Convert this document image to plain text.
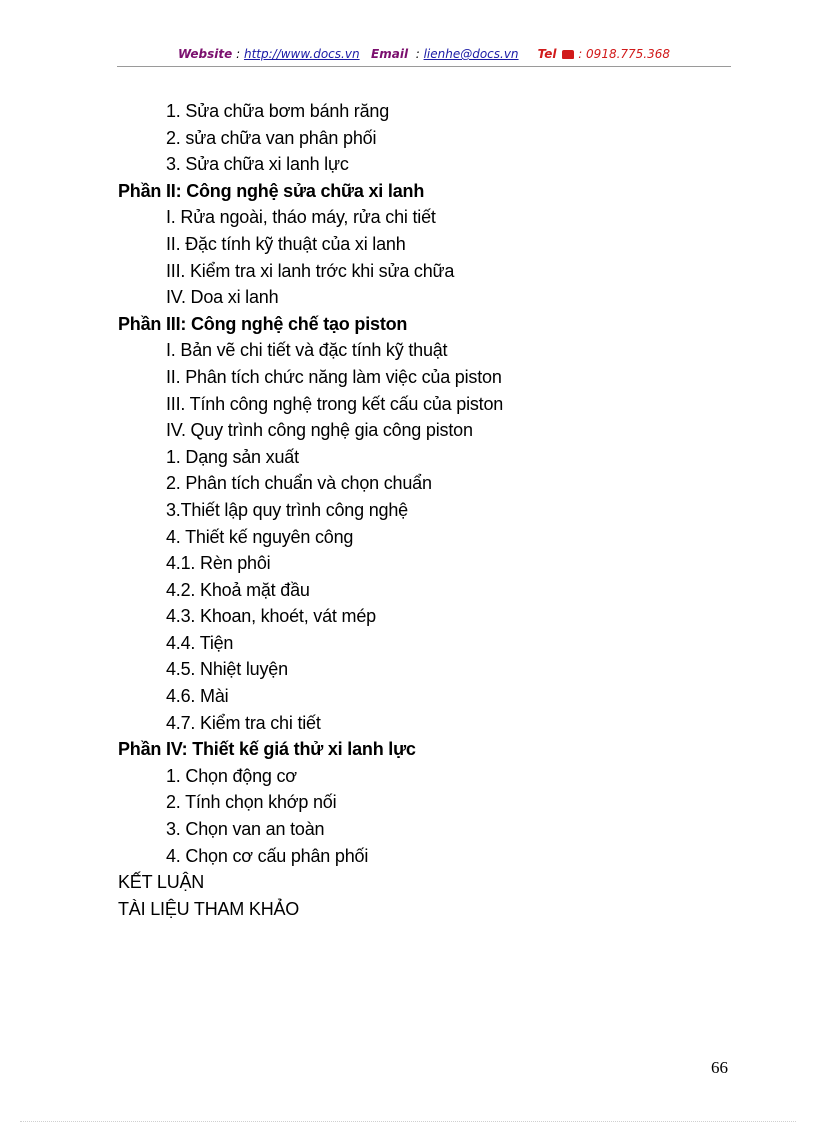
Website : http://www.docs.vn Email  : lienhe@docs.vn Tel : 0918.775.368
1. Sửa chữa bơm bánh răng
2. sửa chữa van phân phối
3. Sửa chữa xi lanh lực
Phần II: Công nghệ sửa chữa xi lanh
I. Rửa ngoài, tháo máy, rửa chi tiết
II. Đặc tính kỹ thuật của xi lanh
III. Kiểm tra xi lanh trớc khi sửa chữa
IV. Doa xi lanh
Phần III: Công nghệ chế tạo piston
I. Bản vẽ chi tiết và đặc tính kỹ thuật
II. Phân tích chức năng làm việc của piston
III. Tính công nghệ trong kết cấu của piston
IV. Quy trình công nghệ gia công piston
1. Dạng sản xuất
2. Phân tích chuẩn và chọn chuẩn
3.Thiết lập quy trình công nghệ
4. Thiết kế nguyên công
4.1. Rèn phôi
4.2. Khoả mặt đầu
4.3. Khoan, khoét, vát mép
4.4. Tiện
4.5. Nhiệt luyện
4.6. Mài
4.7. Kiểm tra chi tiết
Phần IV: Thiết kế giá thử xi lanh lực
1. Chọn động cơ
2. Tính chọn khớp nối
3. Chọn van an toàn
4. Chọn cơ cấu phân phối
KẾT LUẬN
TÀI LIỆU THAM KHẢO
66
